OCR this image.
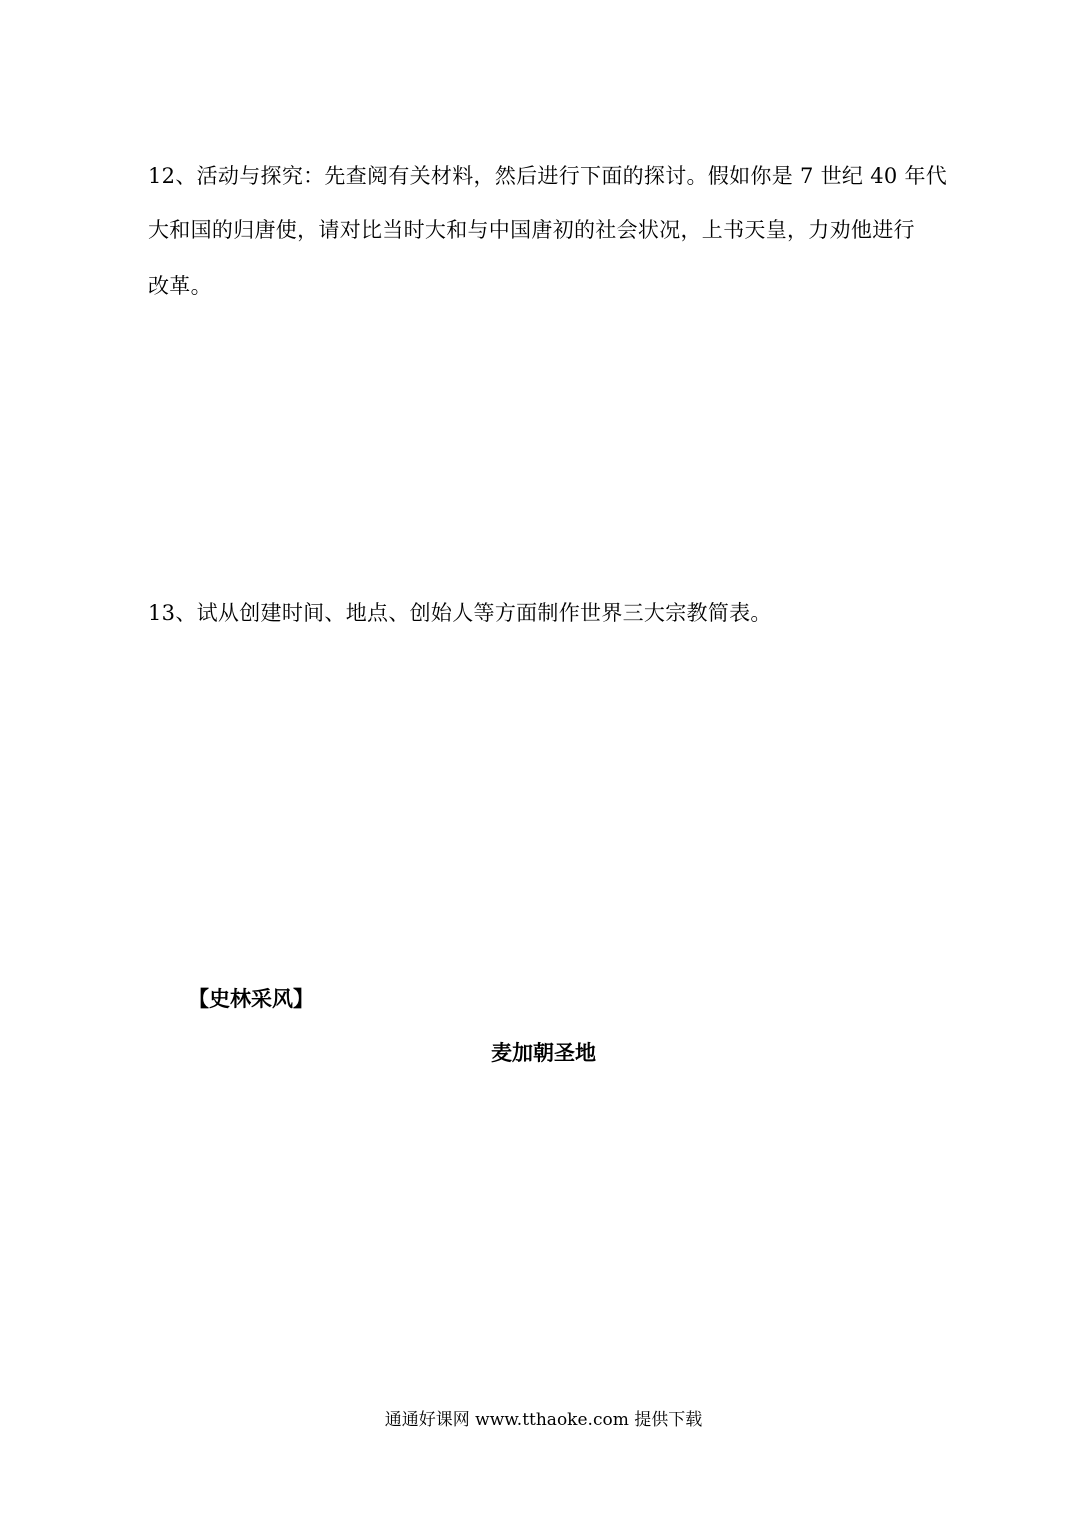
12、活动与探究：先查阅有关材料，然后进行下面的探讨。假如你是 7 世纪 40 年代
大和国的归唐使，请对比当时大和与中国唐初的社会状况，上书天皇，力劝他进行
改革。
13、试从创建时间、地点、创始人等方面制作世界三大宗教简表。
【史林采风】
麦加朝圣地
通通好课网 www.tthaoke.com 提供下载
